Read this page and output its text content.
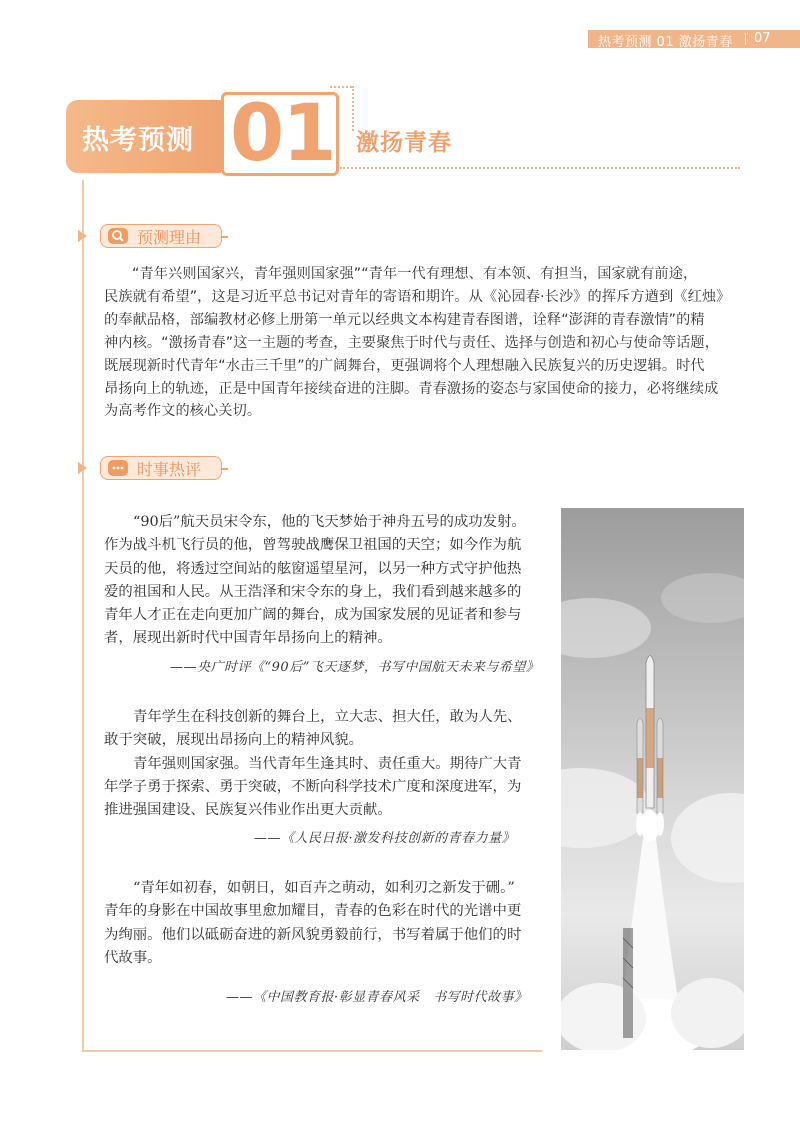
热考预测 01 激扬青春 07
热考预测 01 激扬青春
预测理由
“青年兴则国家兴，青年强则国家强”“青年一代有理想、有本领、有担当，国家就有前途，
民族就有希望”，这是习近平总书记对青年的寄语和期许。从《沁园春·长沙》的挥斥方遒到《红烛》
的奉献品格，部编教材必修上册第一单元以经典文本构建青春图谱，诠释“澎湃的青春激情”的精
神内核。“激扬青春”这一主题的考查，主要聚焦于时代与责任、选择与创造和初心与使命等话题，
既展现新时代青年“水击三千里”的广阔舞台，更强调将个人理想融入民族复兴的历史逻辑。时代
昂扬向上的轨迹，正是中国青年接续奋进的注脚。青春激扬的姿态与家国使命的接力，必将继续成
为高考作文的核心关切。
时事热评
“90后”航天员宋令东，他的飞天梦始于神舟五号的成功发射。
作为战斗机飞行员的他，曾驾驶战鹰保卫祖国的天空；如今作为航
天员的他，将透过空间站的舷窗遥望星河，以另一种方式守护他热
爱的祖国和人民。从王浩泽和宋令东的身上，我们看到越来越多的
青年人才正在走向更加广阔的舞台，成为国家发展的见证者和参与
者，展现出新时代中国青年昂扬向上的精神。
——央广时评《“90后”飞天逐梦，书写中国航天未来与希望》
青年学生在科技创新的舞台上，立大志、担大任，敢为人先、
敢于突破，展现出昂扬向上的精神风貌。
青年强则国家强。当代青年生逢其时、责任重大。期待广大青
年学子勇于探索、勇于突破，不断向科学技术广度和深度进军，为
推进强国建设、民族复兴伟业作出更大贡献。
——《人民日报·激发科技创新的青春力量》
“青年如初春，如朝日，如百卉之萌动，如利刃之新发于硎。”
青年的身影在中国故事里愈加耀目，青春的色彩在时代的光谱中更
为绚丽。他们以砥砺奋进的新风貌勇毅前行，书写着属于他们的时
代故事。
——《中国教育报·彰显青春风采　书写时代故事》
